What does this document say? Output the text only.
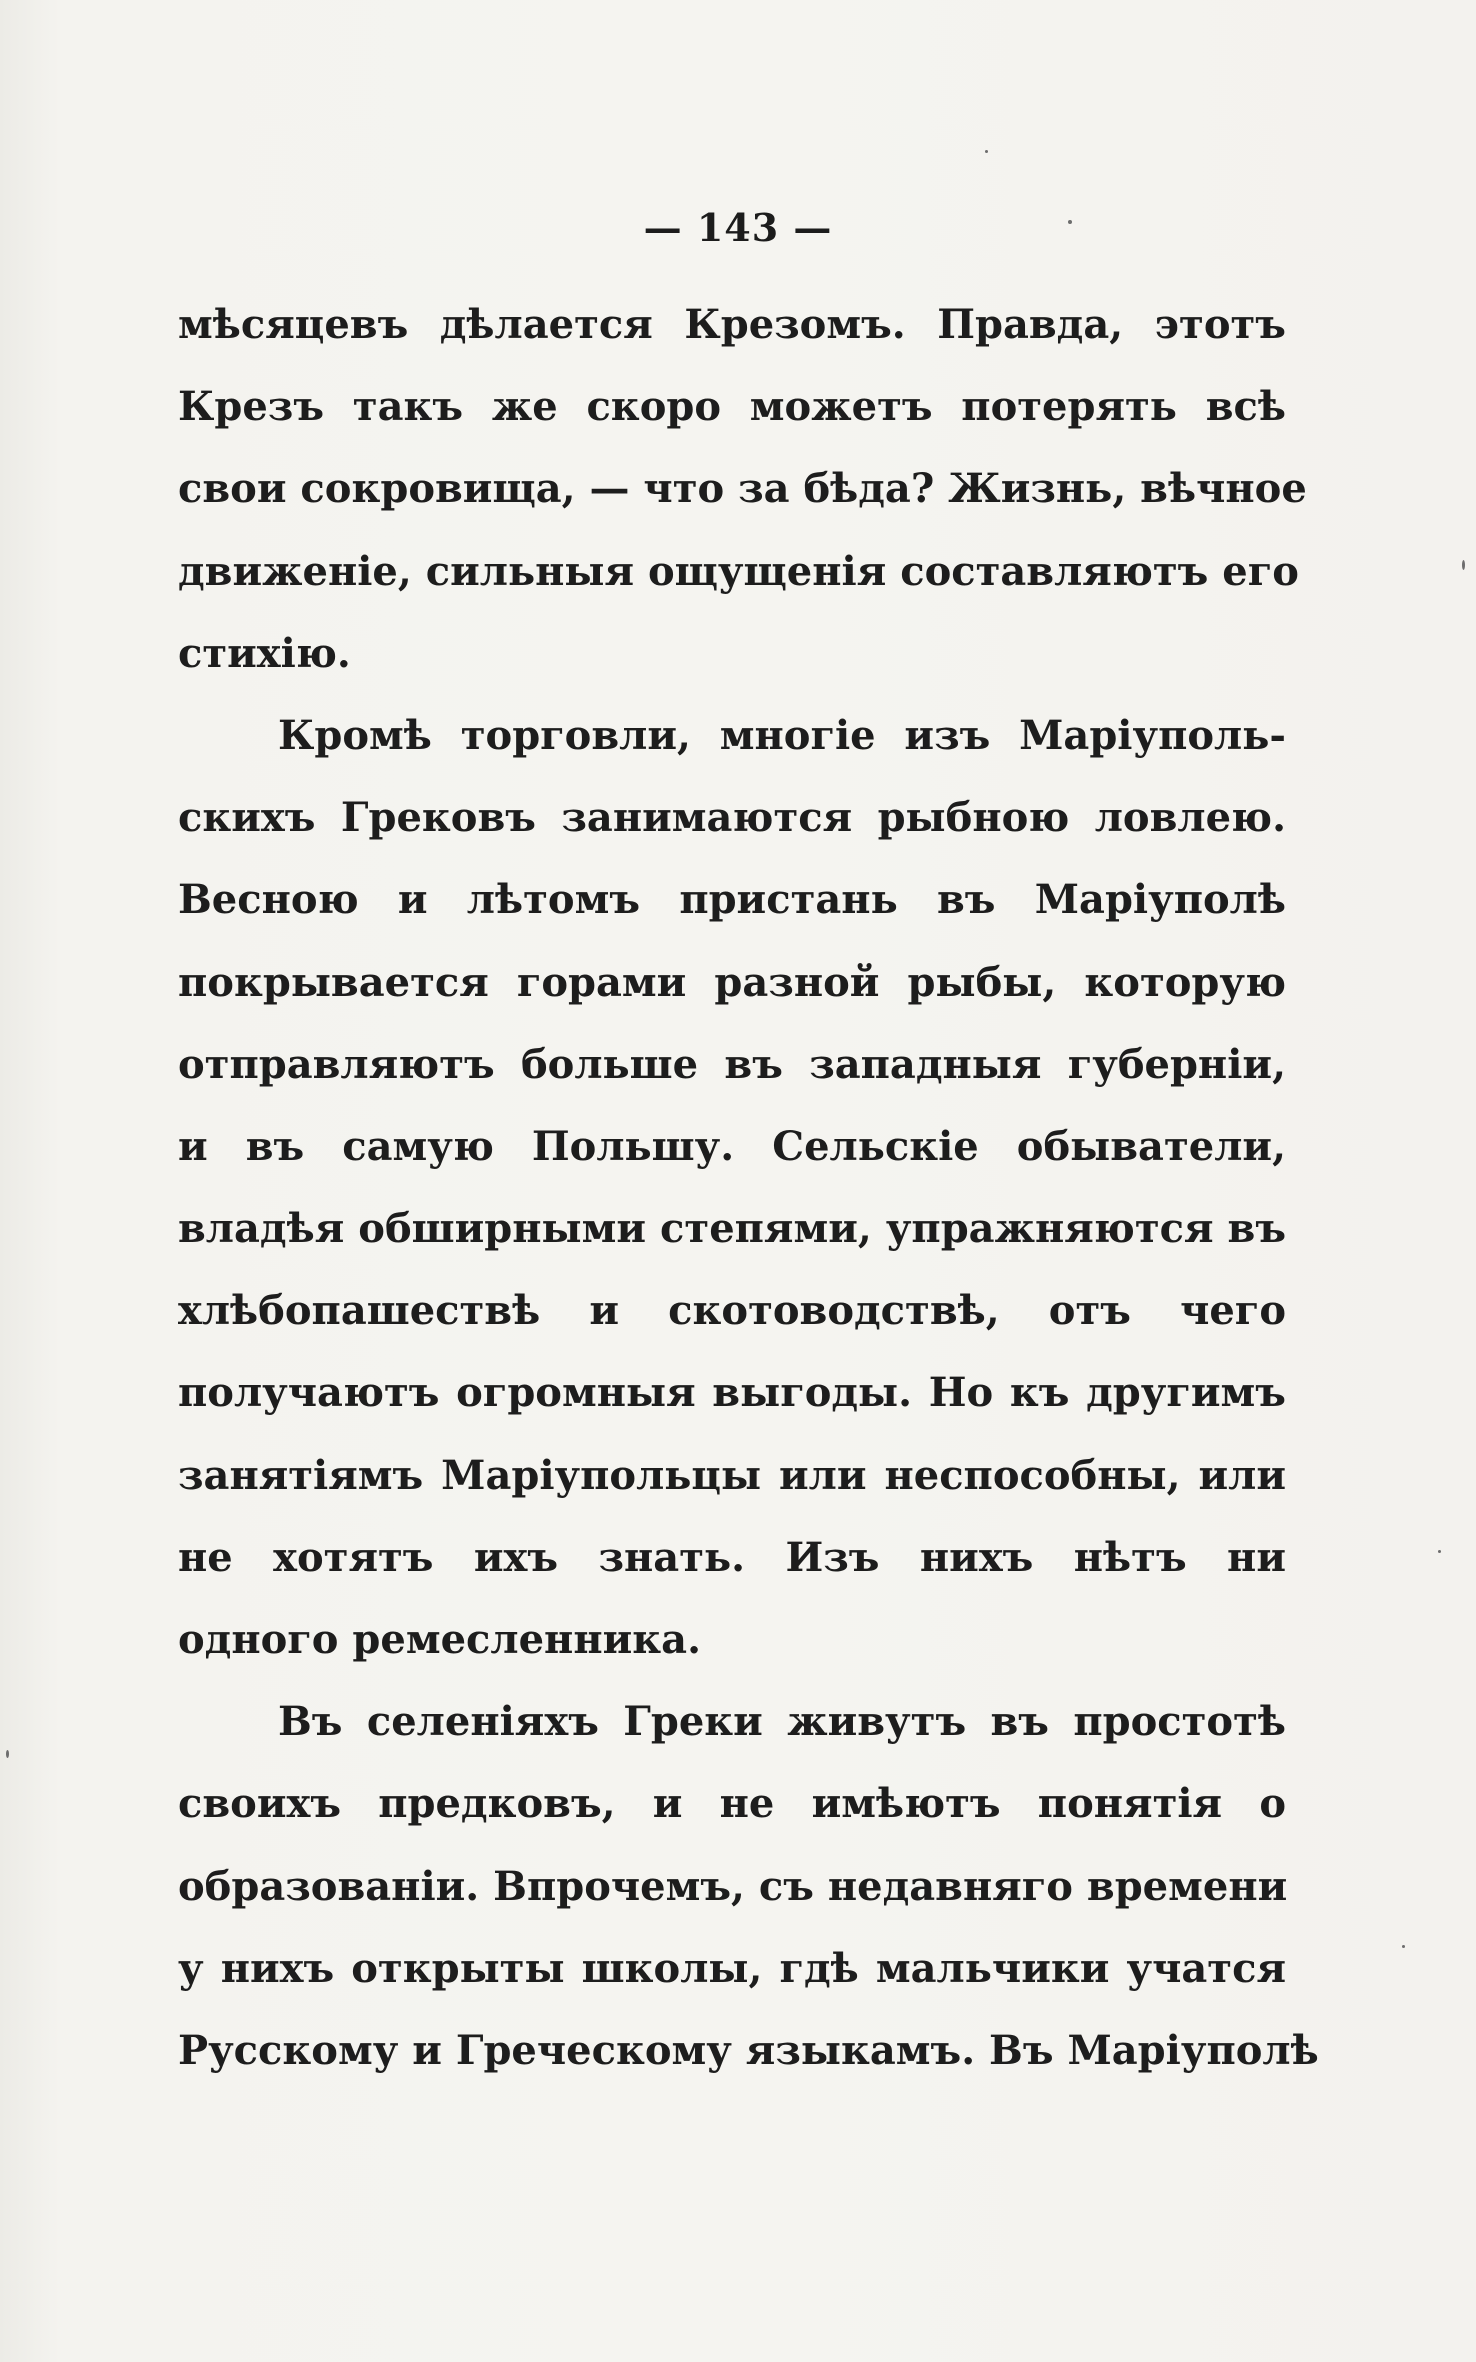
— 143 —
мѣсяцевъ дѣлается Крезомъ. Правда, этотъ
Крезъ такъ же скоро можетъ потерять всѣ
свои сокровища, — что за бѣда? Жизнь, вѣчное
движенiе, сильныя ощущенiя составляютъ его
стихiю.
Кромѣ торговли, многiе изъ Марiуполь-
скихъ Грековъ занимаются рыбною ловлею.
Весною и лѣтомъ пристань въ Марiуполѣ
покрывается горами разной рыбы, которую
отправляютъ больше въ западныя губернiи,
и въ самую Польшу. Сельскiе обыватели,
владѣя обширными степями, упражняются въ
хлѣбопашествѣ и скотоводствѣ, отъ чего
получаютъ огромныя выгоды. Но къ другимъ
занятiямъ Марiупольцы или неспособны, или
не хотятъ ихъ знать. Изъ нихъ нѣтъ ни
одного ремесленника.
Въ селенiяхъ Греки живутъ въ простотѣ
своихъ предковъ, и не имѣютъ понятiя о
образованiи. Впрочемъ, съ недавняго времени
у нихъ открыты школы, гдѣ мальчики учатся
Русскому и Греческому языкамъ. Въ Марiуполѣ
